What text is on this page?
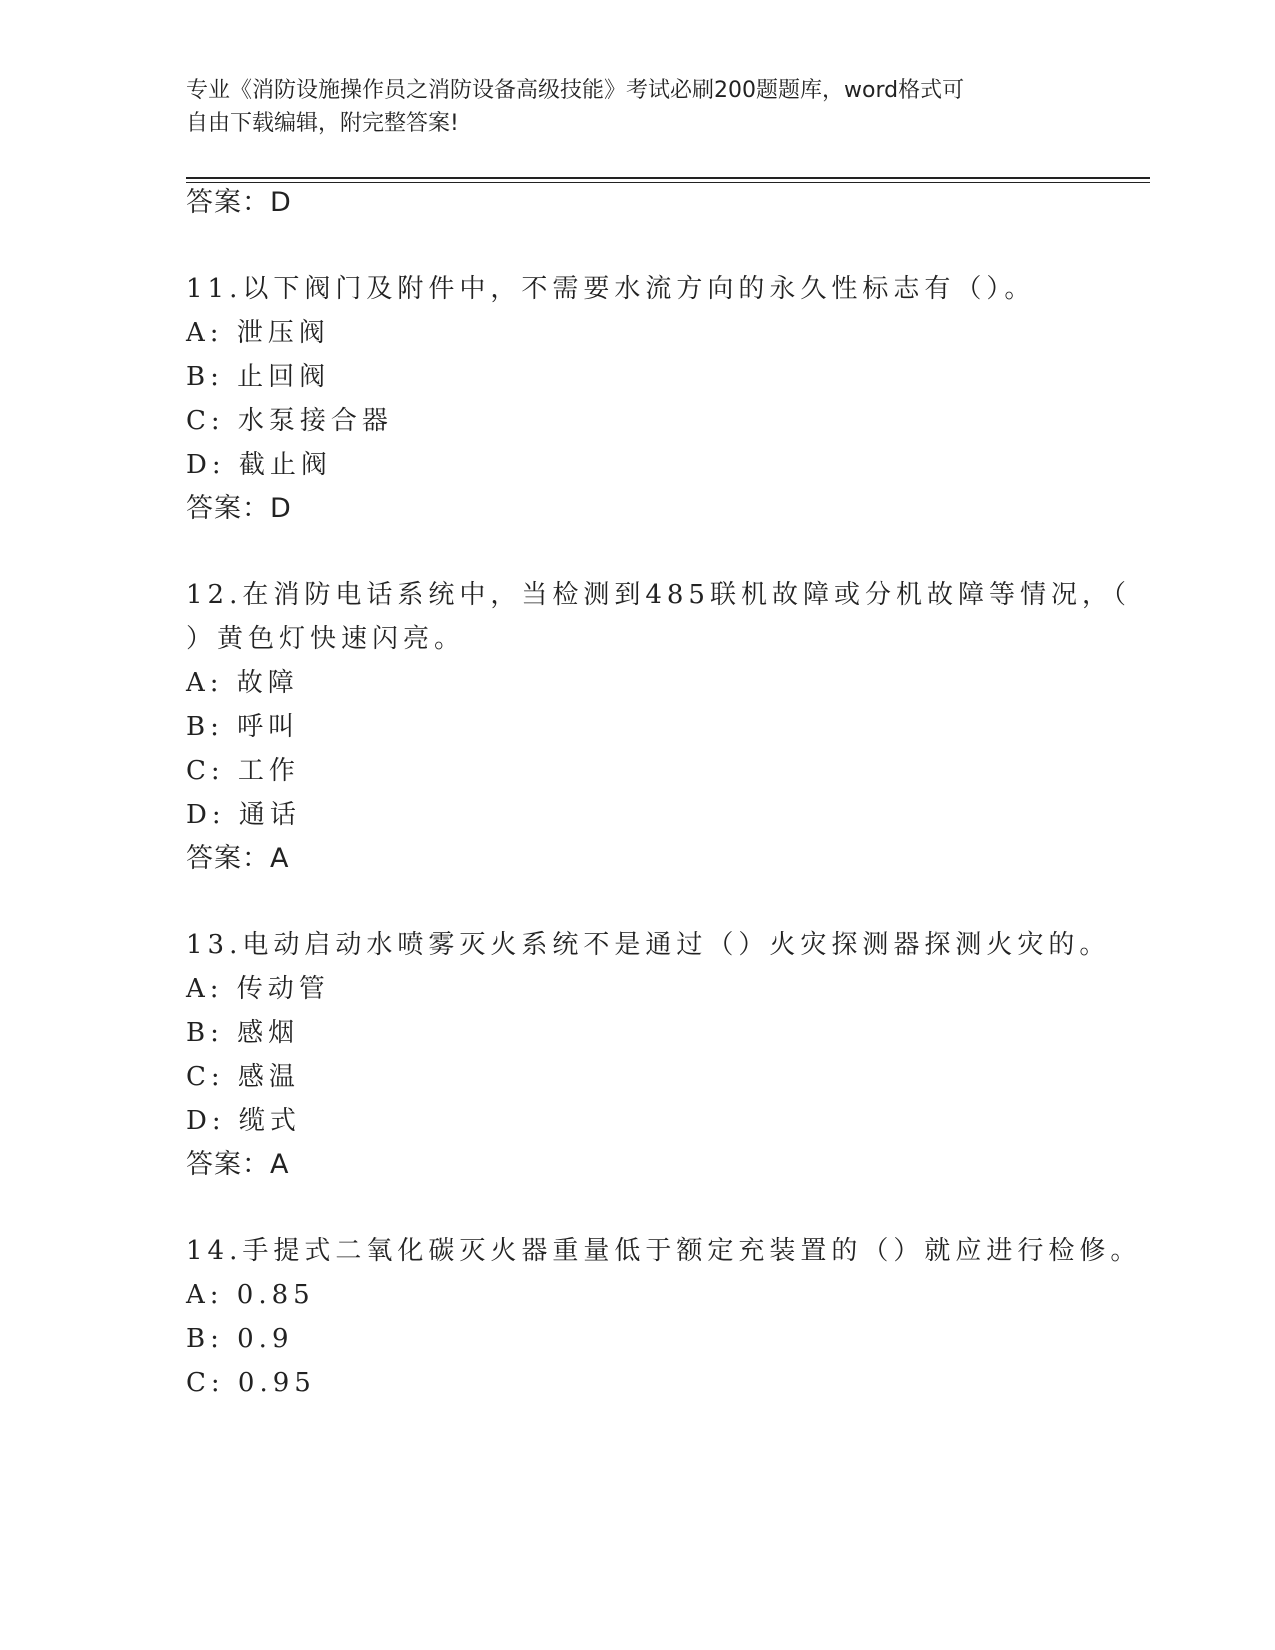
专业《消防设施操作员之消防设备高级技能》考试必刷200题题库，word格式可
自由下载编辑，附完整答案!
答案：D
11.以下阀门及附件中，不需要水流方向的永久性标志有（）。
A: 泄压阀
B: 止回阀
C: 水泵接合器
D: 截止阀
答案：D
12.在消防电话系统中，当检测到485联机故障或分机故障等情况，（
）黄色灯快速闪亮。
A: 故障
B: 呼叫
C: 工作
D: 通话
答案：A
13.电动启动水喷雾灭火系统不是通过（）火灾探测器探测火灾的。
A: 传动管
B: 感烟
C: 感温
D: 缆式
答案：A
14.手提式二氧化碳灭火器重量低于额定充装置的（）就应进行检修。
A: 0.85
B: 0.9
C: 0.95
